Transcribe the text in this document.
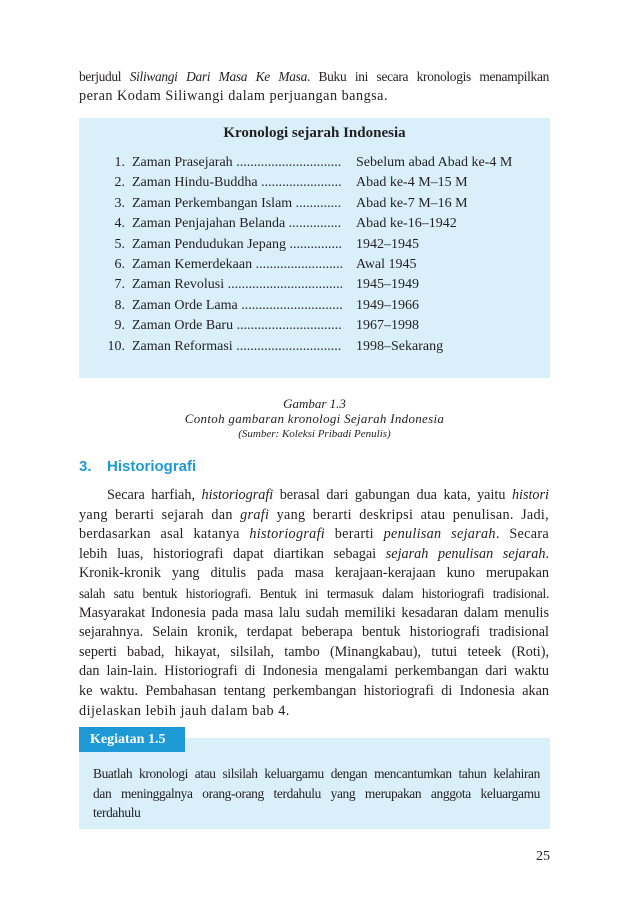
berjudul Siliwangi Dari Masa Ke Masa. Buku ini secara kronologis menampilkan
peran Kodam Siliwangi dalam perjuangan bangsa.
Kronologi sejarah Indonesia
1. Zaman Prasejarah .....	Sebelum abad Abad ke-4 M
2. Zaman Hindu-Buddha .....	Abad ke-4 M–15 M
3. Zaman Perkembangan Islam .....	Abad ke-7 M–16 M
4. Zaman Penjajahan Belanda .....	Abad ke-16–1942
5. Zaman Pendudukan Jepang .....	1942–1945
6. Zaman Kemerdekaan .....	Awal 1945
7. Zaman Revolusi .....	1945–1949
8. Zaman Orde Lama .....	1949–1966
9. Zaman Orde Baru .....	1967–1998
10. Zaman Reformasi .....	1998–Sekarang
Gambar 1.3
Contoh gambaran kronologi Sejarah Indonesia
(Sumber: Koleksi Pribadi Penulis)
3. Historiografi
Secara harfiah, historiografi berasal dari gabungan dua kata, yaitu histori
yang berarti sejarah dan grafi yang berarti deskripsi atau penulisan. Jadi,
berdasarkan asal katanya historiografi berarti penulisan sejarah. Secara
lebih luas, historiografi dapat diartikan sebagai sejarah penulisan sejarah.
Kronik-kronik yang ditulis pada masa kerajaan-kerajaan kuno merupakan
salah satu bentuk historiografi. Bentuk ini termasuk dalam historiografi tradisional.
Masyarakat Indonesia pada masa lalu sudah memiliki kesadaran dalam menulis
sejarahnya. Selain kronik, terdapat beberapa bentuk historiografi tradisional
seperti babad, hikayat, silsilah, tambo (Minangkabau), tutui teteek (Roti),
dan lain-lain. Historiografi di Indonesia mengalami perkembangan dari waktu
ke waktu. Pembahasan tentang perkembangan historiografi di Indonesia akan
dijelaskan lebih jauh dalam bab 4.
Kegiatan 1.5
Buatlah kronologi atau silsilah keluargamu dengan mencantumkan tahun kelahiran
dan meninggalnya orang-orang terdahulu yang merupakan anggota keluargamu
terdahulu
25
